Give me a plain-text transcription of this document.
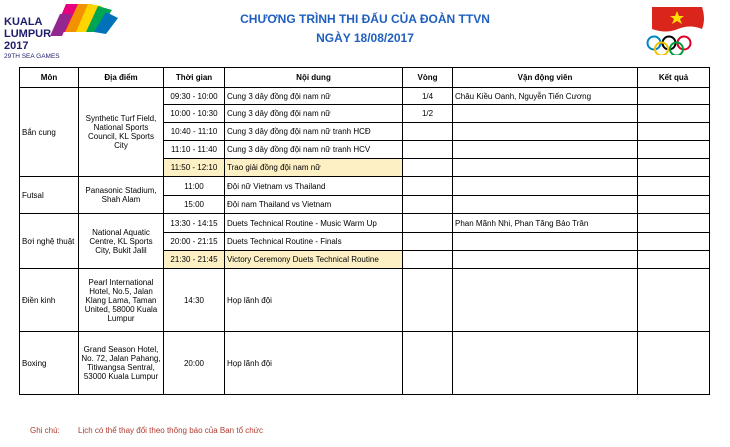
KUALA
LUMPUR
2017
29TH SEA GAMES
CHƯƠNG TRÌNH THI ĐẤU CỦA ĐOÀN TTVN
NGÀY 18/08/2017
Môn	Địa điểm	Thời gian	Nội dung	Vòng	Vận động viên	Kết quả
Bắn cung	Synthetic Turf Field, National Sports Council, KL Sports City	09:30 - 10:00	Cung 3 dây đồng đội nam nữ	1/4	Châu Kiều Oanh, Nguyễn Tiến Cương	
		10:00 - 10:30	Cung 3 dây đồng đội nam nữ	1/2		
		10:40 - 11:10	Cung 3 dây đồng đội nam nữ tranh HCĐ			
		11:10 - 11:40	Cung 3 dây đồng đội nam nữ tranh HCV			
		11:50 - 12:10	Trao giải đồng đội nam nữ			
Futsal	Panasonic Stadium, Shah Alam	11:00	Đội nữ Vietnam vs Thailand			
		15:00	Đội nam Thailand vs Vietnam			
Bơi nghệ thuật	National Aquatic Centre, KL Sports City, Bukit Jalil	13:30 - 14:15	Duets Technical Routine - Music Warm Up		Phan Mãnh Nhi, Phan Tăng Bảo Trân	
		20:00 - 21:15	Duets Technical Routine - Finals			
		21:30 - 21:45	Victory Ceremony Duets Technical Routine			
Điền kinh	Pearl International Hotel, No.5, Jalan Klang Lama, Taman United, 58000 Kuala Lumpur	14:30	Họp lãnh đội			
Boxing	Grand Season Hotel, No. 72, Jalan Pahang, Titiwangsa Sentral, 53000 Kuala Lumpur	20:00	Họp lãnh đội			
Ghi chú: Lịch có thể thay đổi theo thông báo của Ban tổ chức
